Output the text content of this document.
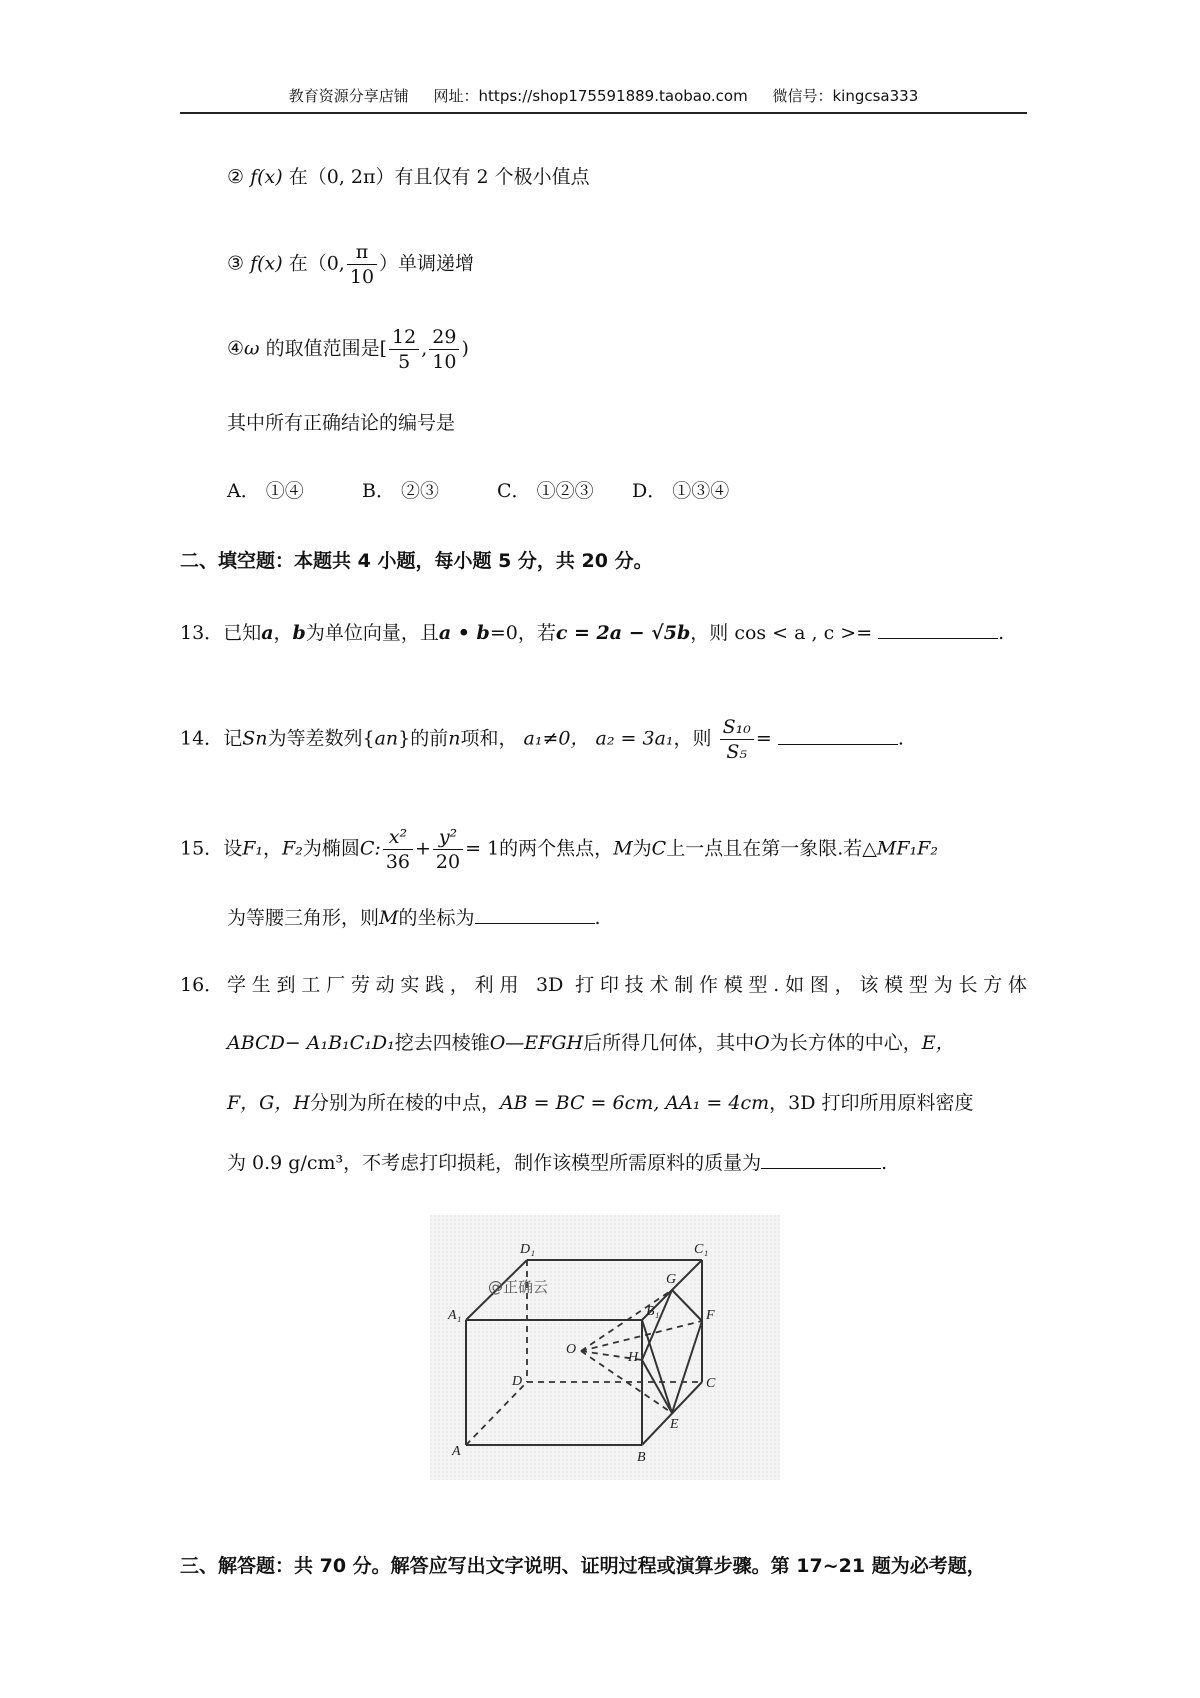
教育资源分享店铺 网址：https://shop175591889.taobao.com 微信号：kingcsa333
② f(x) 在（0, 2π）有且仅有 2 个极小值点
③ f(x) 在（0, $\frac{\pi}{10}$ ）单调递增
④ω 的取值范围是[ $\frac{12}{5}$ , $\frac{29}{10}$ )
其中所有正确结论的编号是
A． ①④	B． ②③	C． ①②③ D． ①③④
二、填空题：本题共 4 小题，每小题 5 分，共 20 分。
13．已知a，b为单位向量，且a • b=0，若c = 2a − √5b，则 cos < a , c >=	.
14．记Sn为等差数列{an}的前n项和， a₁≠0， a₂ = 3a₁，则 $\frac{\text{S₁₀}}{\text{S₅}}$ =	.
15．设F₁，F₂为椭圆C: $\frac{\text{x²}}{36} + \frac{\text{y²}}{20} = 1$的两个焦点，M为C上一点且在第一象限.若△MF₁F₂
为等腰三角形，则M的坐标为	.
16． 学生到工厂劳动实践，利用 3D 打印技术制作模型.如图，该模型为长方体
ABCD− A₁B₁C₁D₁挖去四棱锥O—EFGH后所得几何体，其中O为长方体的中心，E，
F，G，H分别为所在棱的中点，AB = BC = 6cm, AA₁ = 4cm，3D 打印所用原料密度
为 0.9 g/cm³，不考虑打印损耗，制作该模型所需原料的质量为	.
D₁	C₁
A₁	B₁
G
F
O
H
D	C
A	B
E
@正确云
三、解答题：共 70 分。解答应写出文字说明、证明过程或演算步骤。第 17~21 题为必考题，
